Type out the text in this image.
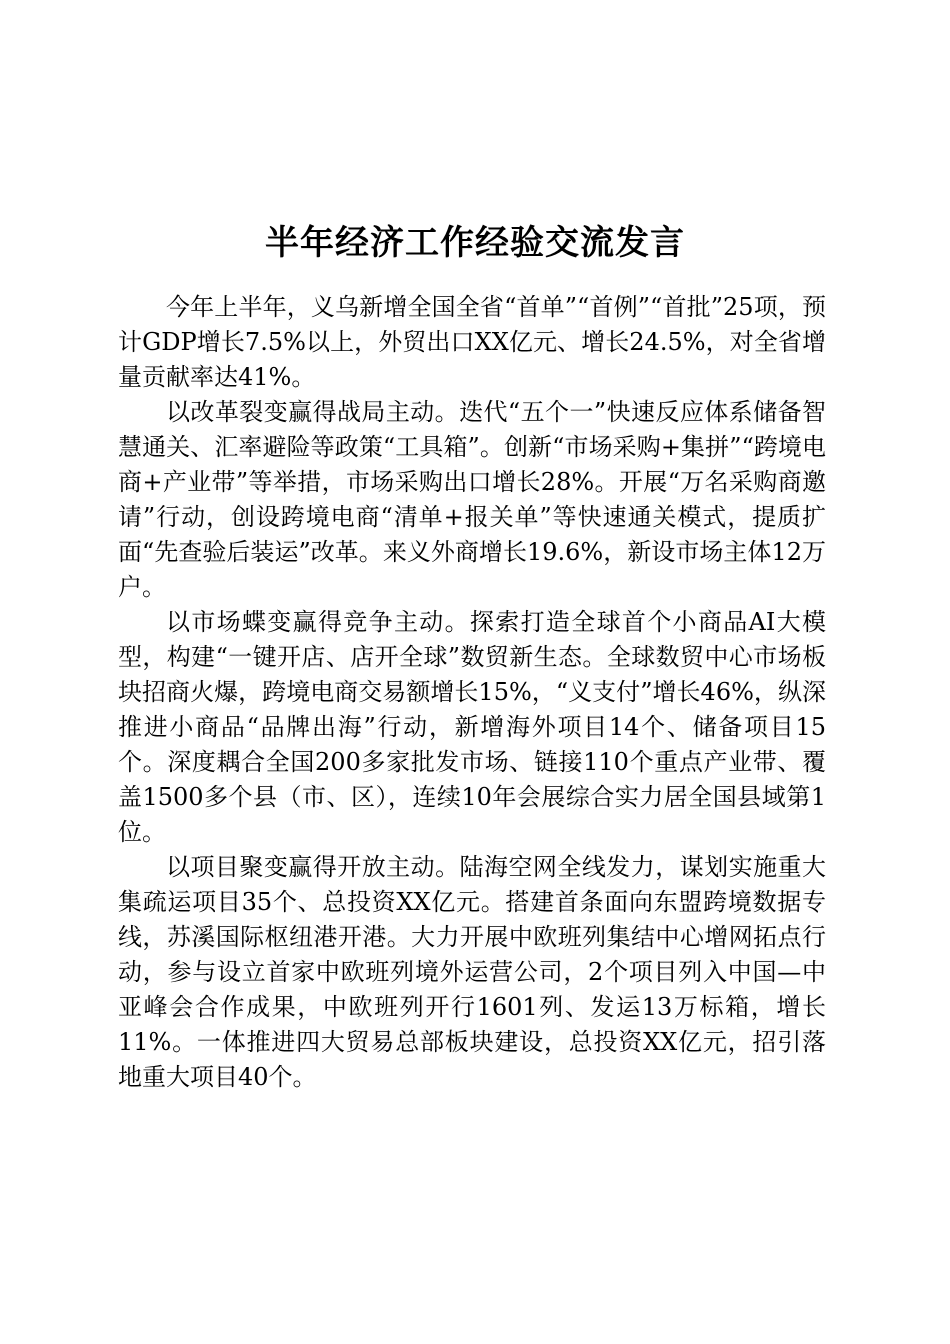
半年经济工作经验交流发言

今年上半年，义乌新增全国全省“首单”“首例”“首批”25项，预计GDP增长7.5%以上，外贸出口XX亿元、增长24.5%，对全省增量贡献率达41%。

以改革裂变赢得战局主动。迭代“五个一”快速反应体系储备智慧通关、汇率避险等政策“工具箱”。创新“市场采购+集拼”“跨境电商+产业带”等举措，市场采购出口增长28%。开展“万名采购商邀请”行动，创设跨境电商“清单+报关单”等快速通关模式，提质扩面“先查验后装运”改革。来义外商增长19.6%，新设市场主体12万户。

以市场蝶变赢得竞争主动。探索打造全球首个小商品AI大模型，构建“一键开店、店开全球”数贸新生态。全球数贸中心市场板块招商火爆，跨境电商交易额增长15%，“义支付”增长46%，纵深推进小商品“品牌出海”行动，新增海外项目14个、储备项目15个。深度耦合全国200多家批发市场、链接110个重点产业带、覆盖1500多个县（市、区），连续10年会展综合实力居全国县域第1位。

以项目聚变赢得开放主动。陆海空网全线发力，谋划实施重大集疏运项目35个、总投资XX亿元。搭建首条面向东盟跨境数据专线，苏溪国际枢纽港开港。大力开展中欧班列集结中心增网拓点行动，参与设立首家中欧班列境外运营公司，2个项目列入中国—中亚峰会合作成果，中欧班列开行1601列、发运13万标箱，增长11%。一体推进四大贸易总部板块建设，总投资XX亿元，招引落地重大项目40个。
